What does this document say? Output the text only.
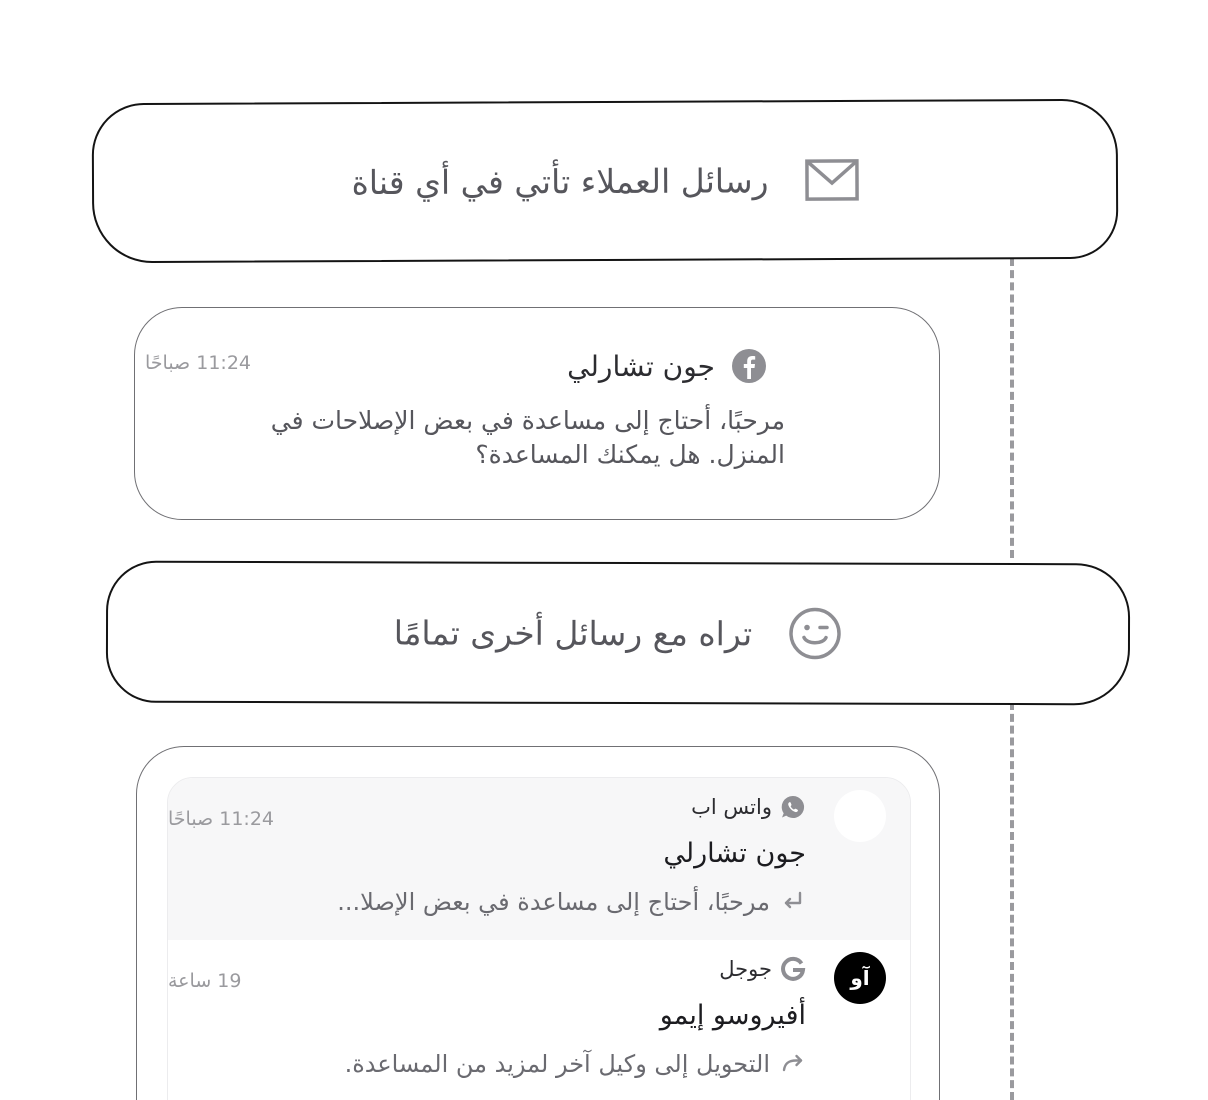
رسائل العملاء تأتي في أي قناة
جون تشارلي
11:24 صباحًا
مرحبًا، أحتاج إلى مساعدة في بعض الإصلاحات في المنزل. هل يمكنك المساعدة؟
تراه مع رسائل أخرى تمامًا
واتس اب
11:24 صباحًا
جون تشارلي
مرحبًا، أحتاج إلى مساعدة في بعض الإصلا...
آو
جوجل
19 ساعة
أفيروسو إيمو
التحويل إلى وكيل آخر لمزيد من المساعدة.
